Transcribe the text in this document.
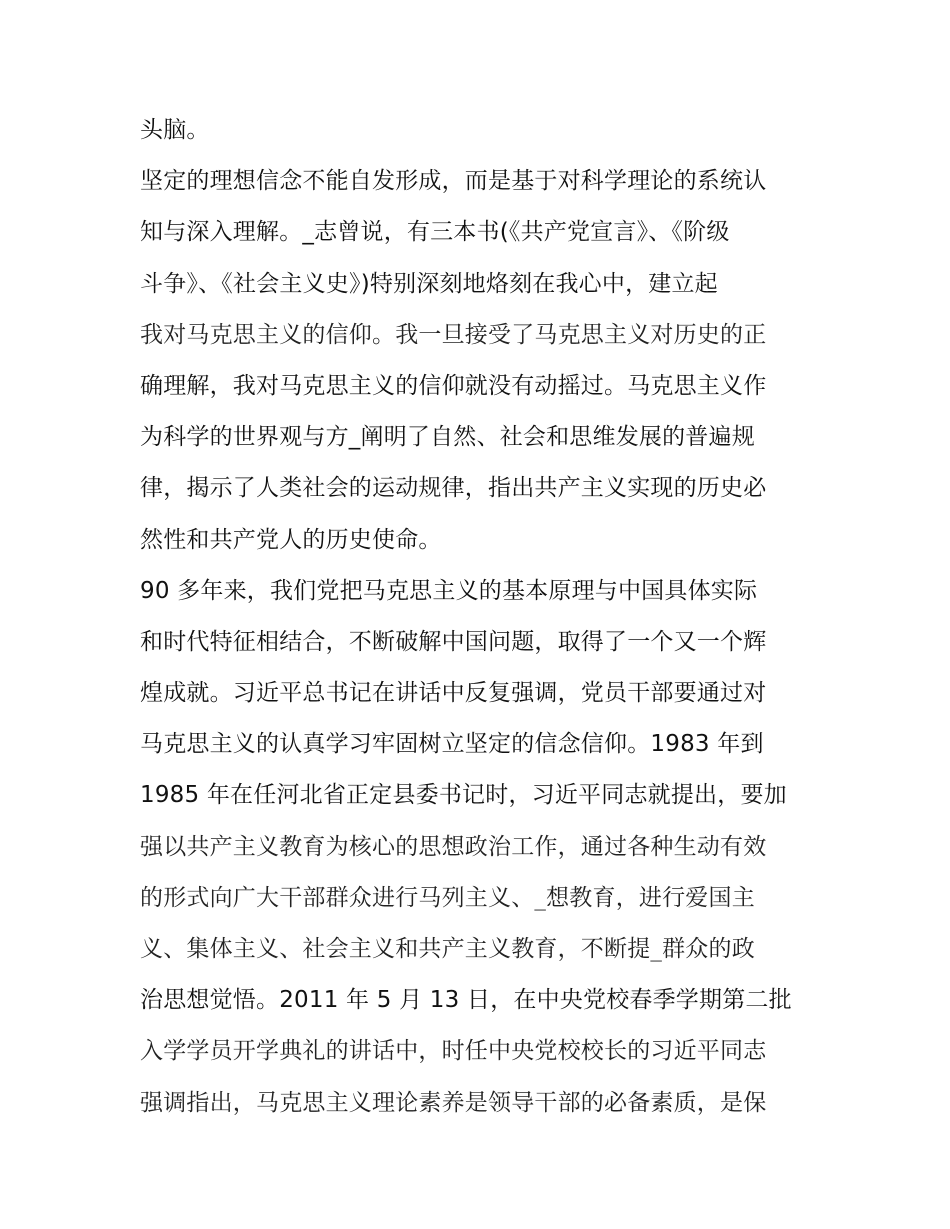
头脑。
坚定的理想信念不能自发形成，而是基于对科学理论的系统认
知与深入理解。_志曾说，有三本书(《共产党宣言》、《阶级
斗争》、《社会主义史》)特别深刻地烙刻在我心中，建立起
我对马克思主义的信仰。我一旦接受了马克思主义对历史的正
确理解，我对马克思主义的信仰就没有动摇过。马克思主义作
为科学的世界观与方_阐明了自然、社会和思维发展的普遍规
律，揭示了人类社会的运动规律，指出共产主义实现的历史必
然性和共产党人的历史使命。
90 多年来，我们党把马克思主义的基本原理与中国具体实际
和时代特征相结合，不断破解中国问题，取得了一个又一个辉
煌成就。习近平总书记在讲话中反复强调，党员干部要通过对
马克思主义的认真学习牢固树立坚定的信念信仰。1983 年到
1985 年在任河北省正定县委书记时，习近平同志就提出，要加
强以共产主义教育为核心的思想政治工作，通过各种生动有效
的形式向广大干部群众进行马列主义、_想教育，进行爱国主
义、集体主义、社会主义和共产主义教育，不断提_群众的政
治思想觉悟。2011 年 5 月 13 日，在中央党校春季学期第二批
入学学员开学典礼的讲话中，时任中央党校校长的习近平同志
强调指出，马克思主义理论素养是领导干部的必备素质，是保
